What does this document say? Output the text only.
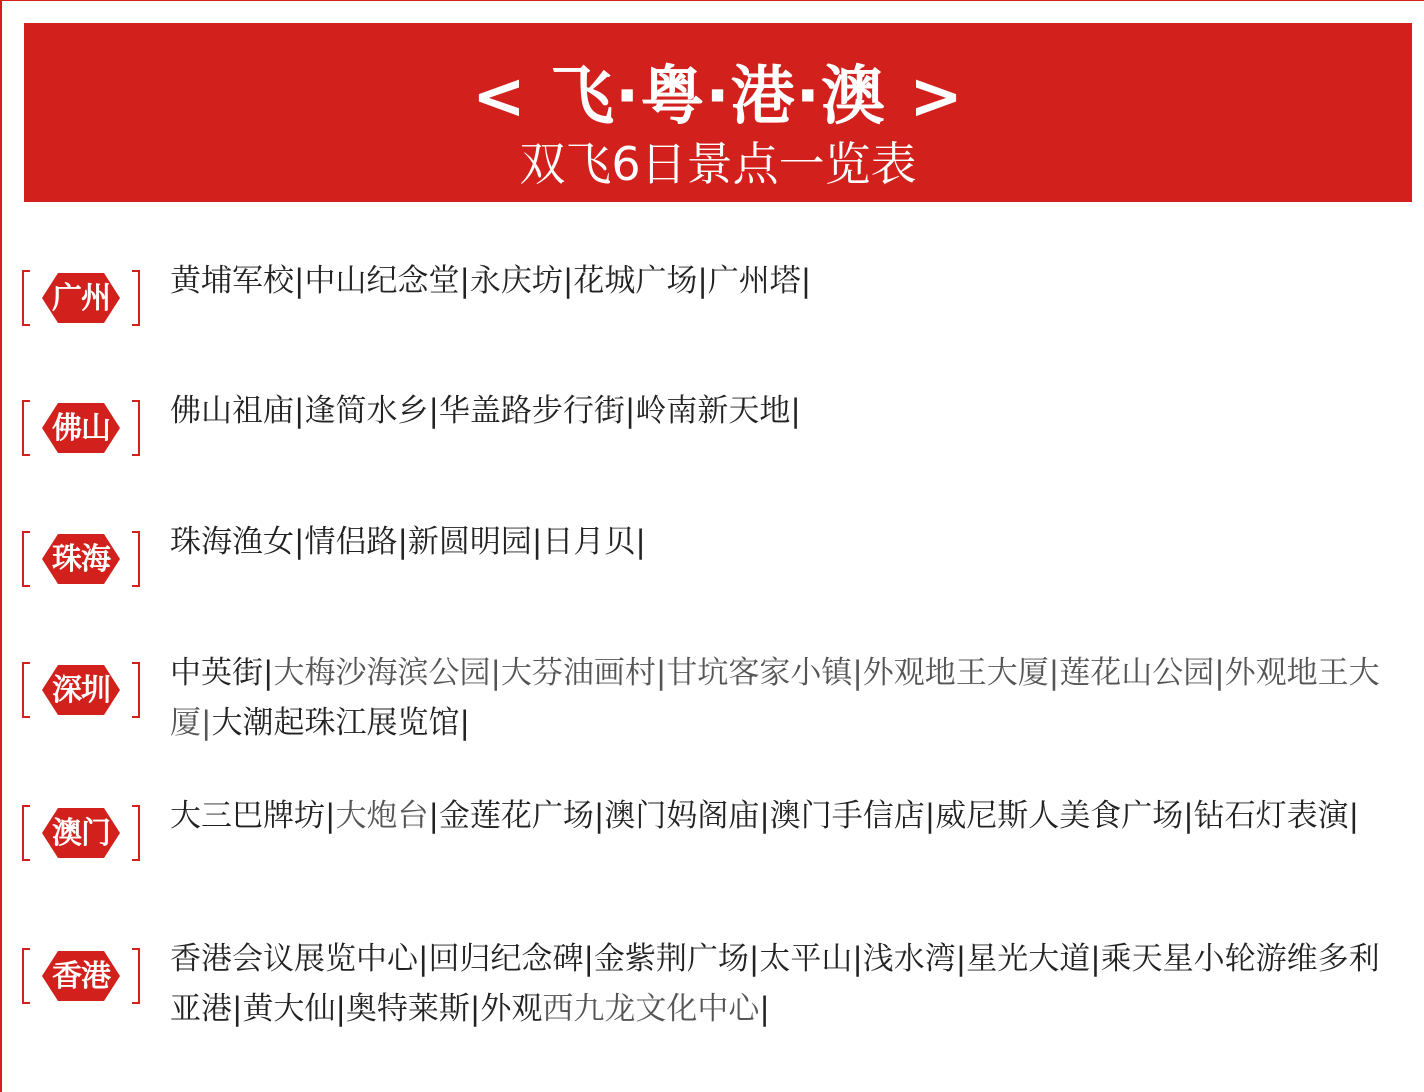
< 飞·粤·港·澳 >
双飞6日景点一览表
广州	黄埔军校|中山纪念堂|永庆坊|花城广场|广州塔|
佛山	佛山祖庙|逢简水乡|华盖路步行街|岭南新天地|
珠海	珠海渔女|情侣路|新圆明园|日月贝|
深圳	中英街|大梅沙海滨公园|大芬油画村|甘坑客家小镇|外观地王大厦|莲花山公园|外观地王大厦|大潮起珠江展览馆|
澳门	大三巴牌坊|大炮台|金莲花广场|澳门妈阁庙|澳门手信店|威尼斯人美食广场|钻石灯表演|
香港	香港会议展览中心|回归纪念碑|金紫荆广场|太平山|浅水湾|星光大道|乘天星小轮游维多利亚港|黄大仙|奥特莱斯|外观西九龙文化中心|
